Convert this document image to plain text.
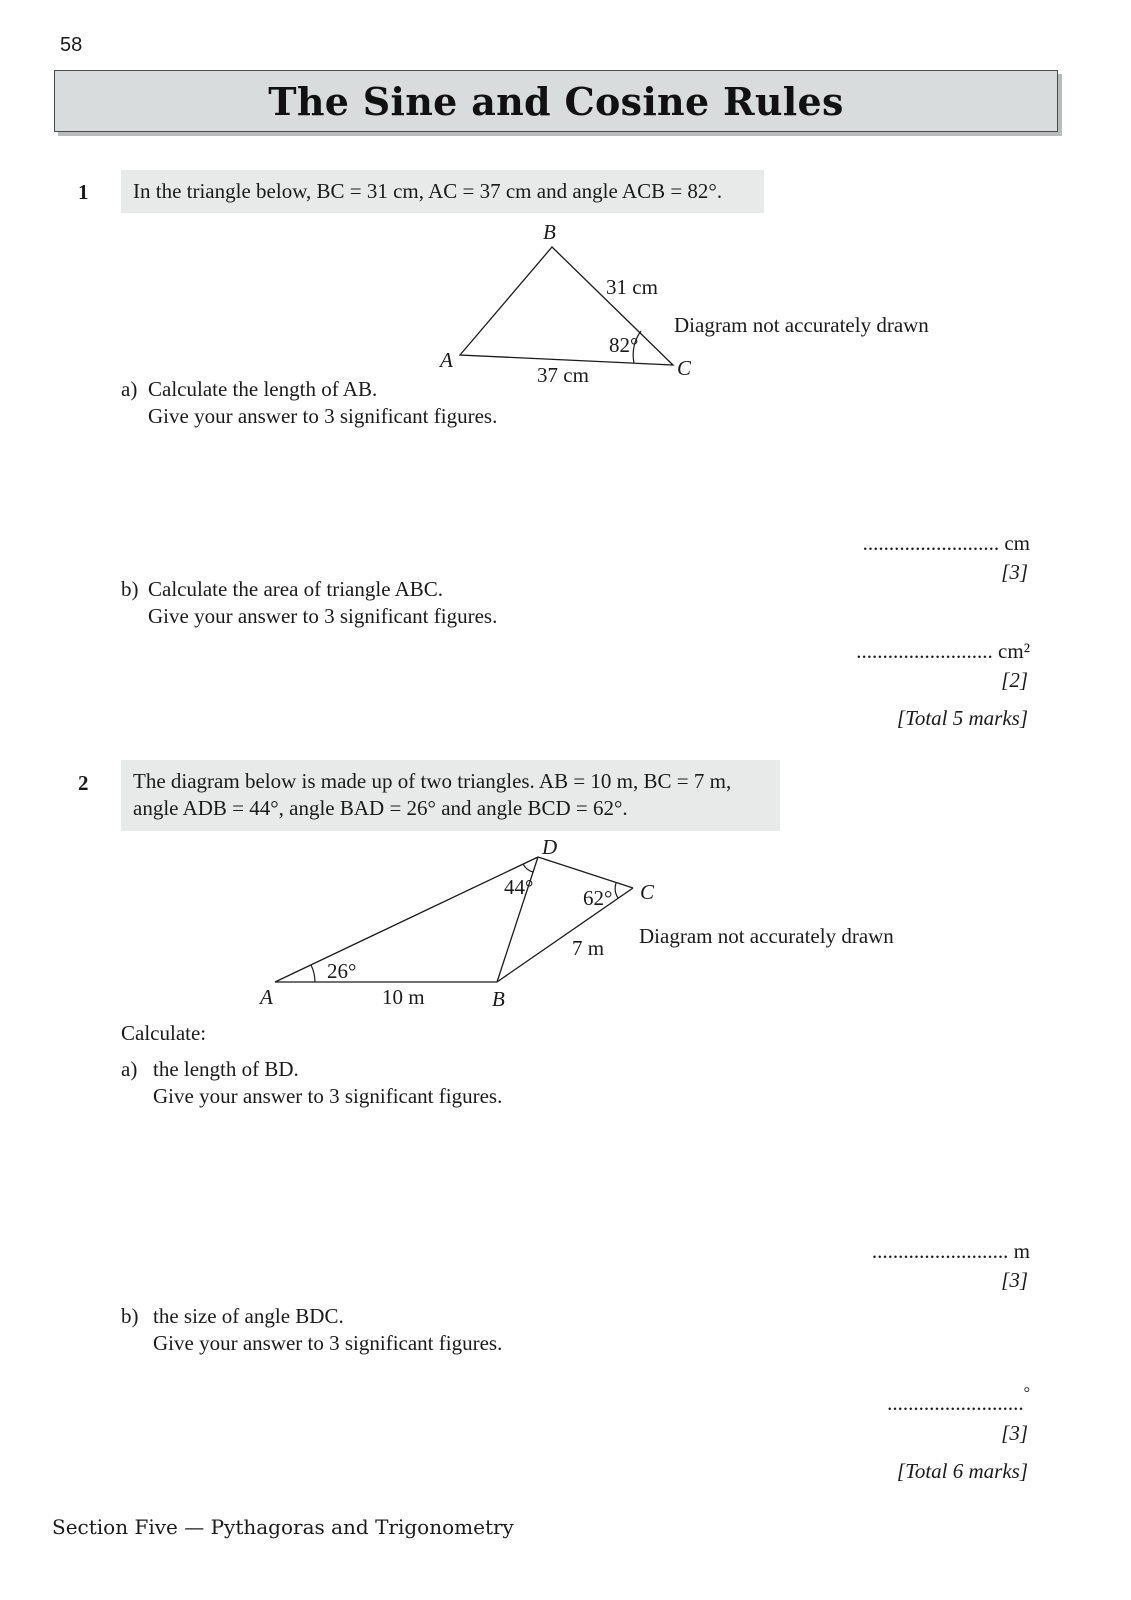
58
The Sine and Cosine Rules
1	In the triangle below, BC = 31 cm, AC = 37 cm and angle ACB = 82°.
B
A	C
31 cm
37 cm
82°
Diagram not accurately drawn
a) Calculate the length of AB.
Give your answer to 3 significant figures.
.......................... cm
[3]
b) Calculate the area of triangle ABC.
Give your answer to 3 significant figures.
.......................... cm²
[2]
[Total 5 marks]
2 The diagram below is made up of two triangles. AB = 10 m, BC = 7 m,
angle ADB = 44°, angle BAD = 26° and angle BCD = 62°.
A	B
C
D
26°
44° 62°
10 m
7 m Diagram not accurately drawn
Calculate:
a) the length of BD.
Give your answer to 3 significant figures.
.......................... m
[3]
b) the size of angle BDC.
Give your answer to 3 significant figures.
..........................°
[3]
[Total 6 marks]
Section Five — Pythagoras and Trigonometry
